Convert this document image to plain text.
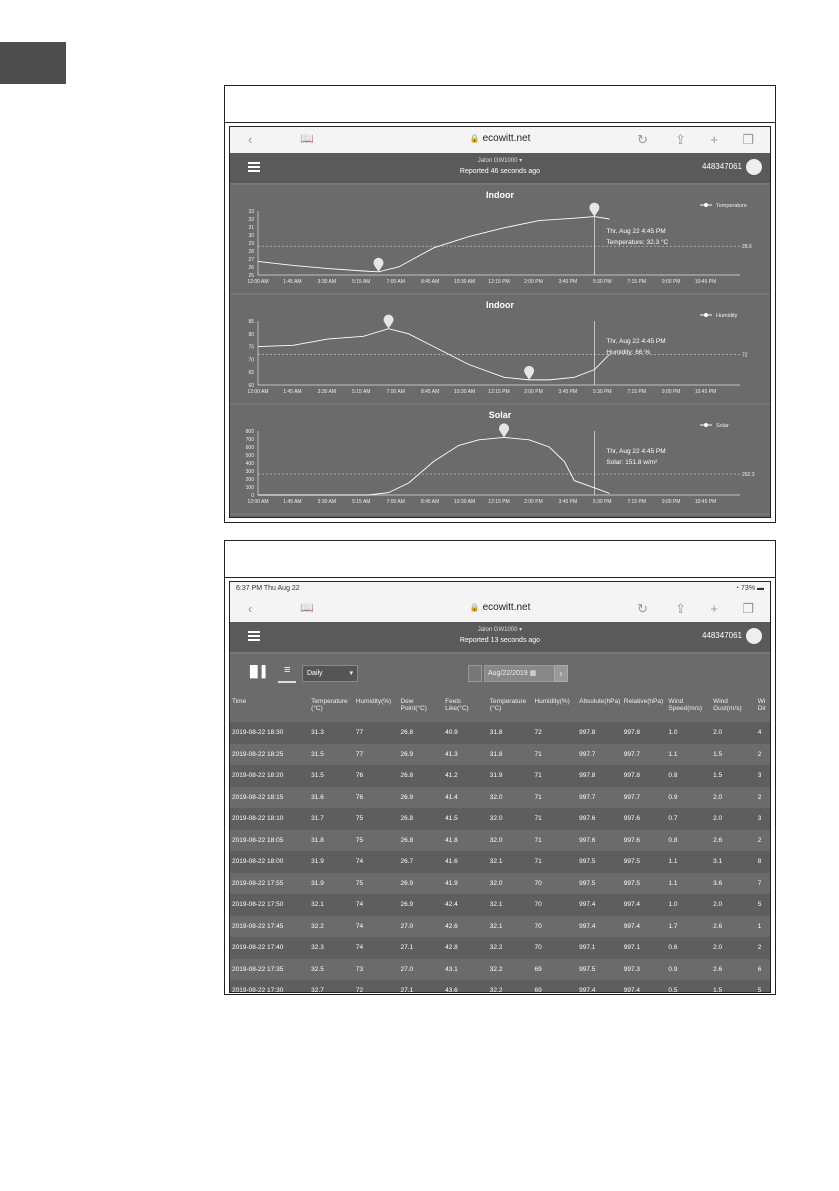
‹	📖	🔒 ecowitt.net	↻ ⇪ + ❐
Jalon GW1000 ▾
Reported 46 seconds ago
448347061
Indoor
Temperature
33
32
31
30
29
28
27
26
25
12:00 AM	1:45 AM	3:30 AM	5:15 AM	7:00 AM	8:45 AM	10:30 AM	12:15 PM	2:00 PM	3:45 PM	5:30 PM	7:15 PM	9:00 PM	10:45 PM
28.6
Thr, Aug 22 4:45 PM
Temperature: 32.3 °C
Indoor
Humidity
85
80
75
70
65
60
12:00 AM	1:45 AM	3:30 AM	5:15 AM	7:00 AM	8:45 AM	10:30 AM	12:15 PM	2:00 PM	3:45 PM	5:30 PM	7:15 PM	9:00 PM	10:45 PM
72
Thr, Aug 22 4:45 PM
Humidity: 66 %
Solar
Solar
800
700
600
500
400
300
200
100
0
12:00 AM	1:45 AM	3:30 AM	5:15 AM	7:00 AM	8:45 AM	10:30 AM	12:15 PM	2:00 PM	3:45 PM	5:30 PM	7:15 PM	9:00 PM	10:45 PM
262.3
Thr, Aug 22 4:45 PM
Solar: 151.8 w/m²
6:37 PM Thu Aug 22	◔ 73% ▬
‹	📖	🔒 ecowitt.net	↻ ⇪ + ❐
Jalon GW1000 ▾
Reported 13 seconds ago
448347061
▐▌▌	≡	Daily	▾	Aug/22/2019 ▦	›
Time	Temperature (°C)	Humidity(%)	Dew Point(°C)	Feels Like(°C)	Temperature (°C)	Humidity(%)	Absolute(hPa)	Relative(hPa)	Wind Speed(m/s)	Wind Gust(m/s)	Wi Dir
2019-08-22 18:30	31.3	77	26.8	40.9	31.8	72	997.8	997.8	1.0	2.0	4
2019-08-22 18:25	31.5	77	26.9	41.3	31.8	71	997.7	997.7	1.1	1.5	2
2019-08-22 18:20	31.5	76	26.8	41.2	31.9	71	997.8	997.8	0.8	1.5	3
2019-08-22 18:15	31.6	76	26.9	41.4	32.0	71	997.7	997.7	0.9	2.0	2
2019-08-22 18:10	31.7	75	26.8	41.5	32.0	71	997.6	997.6	0.7	2.0	3
2019-08-22 18:05	31.8	75	26.8	41.8	32.0	71	997.6	997.6	0.8	2.6	2
2019-08-22 18:00	31.9	74	26.7	41.6	32.1	71	997.5	997.5	1.1	3.1	8
2019-08-22 17:55	31.9	75	26.9	41.9	32.0	70	997.5	997.5	1.1	3.6	7
2019-08-22 17:50	32.1	74	26.9	42.4	32.1	70	997.4	997.4	1.0	2.0	5
2019-08-22 17:45	32.2	74	27.0	42.6	32.1	70	997.4	997.4	1.7	2.6	1
2019-08-22 17:40	32.3	74	27.1	42.8	32.2	70	997.1	997.1	0.6	2.0	2
2019-08-22 17:35	32.5	73	27.0	43.1	32.2	69	997.5	997.3	0.9	2.6	6
2019-08-22 17:30	32.7	72	27.1	43.6	32.2	69	997.4	997.4	0.5	1.5	5
